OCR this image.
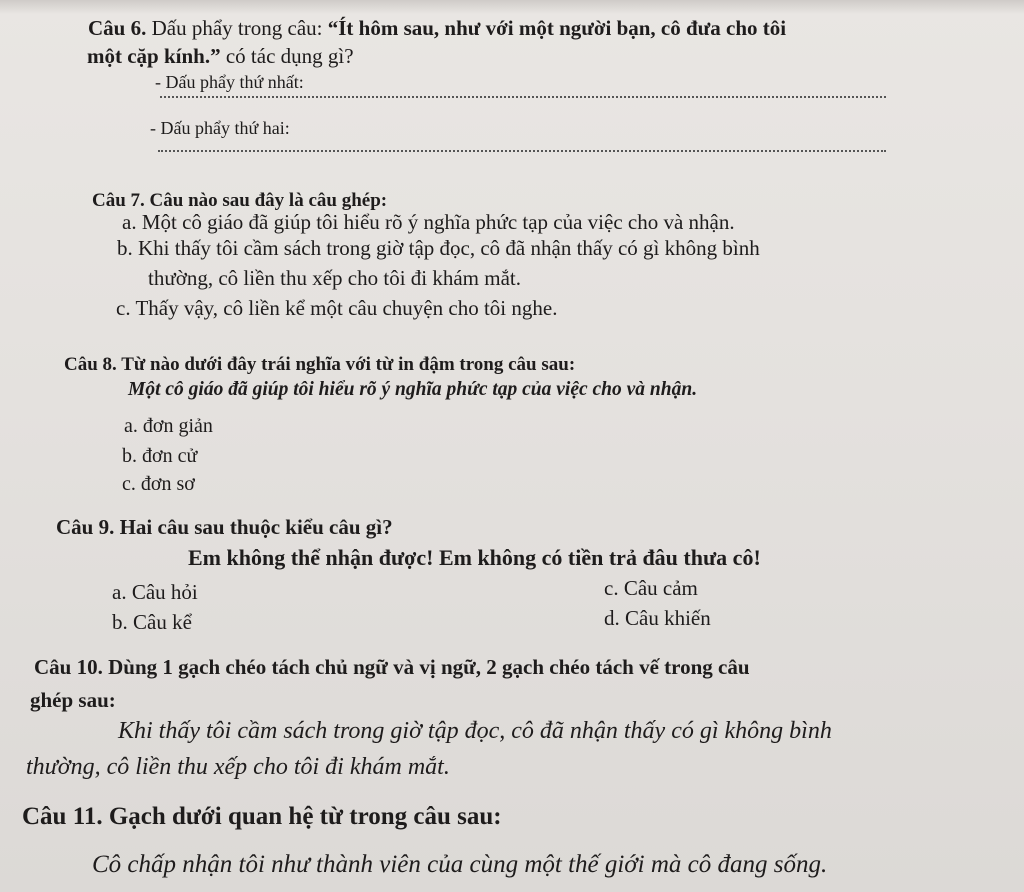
Câu 6. Dấu phẩy trong câu: “Ít hôm sau, như với một người bạn, cô đưa cho tôi
một cặp kính.” có tác dụng gì?
- Dấu phẩy thứ nhất:
- Dấu phẩy thứ hai:
Câu 7. Câu nào sau đây là câu ghép:
a. Một cô giáo đã giúp tôi hiểu rõ ý nghĩa phức tạp của việc cho và nhận.
b. Khi thấy tôi cầm sách trong giờ tập đọc, cô đã nhận thấy có gì không bình
thường, cô liền thu xếp cho tôi đi khám mắt.
c. Thấy vậy, cô liền kể một câu chuyện cho tôi nghe.
Câu 8. Từ nào dưới đây trái nghĩa với từ in đậm trong câu sau:
Một cô giáo đã giúp tôi hiểu rõ ý nghĩa phức tạp của việc cho và nhận.
a. đơn giản
b. đơn cử
c. đơn sơ
Câu 9. Hai câu sau thuộc kiểu câu gì?
Em không thể nhận được! Em không có tiền trả đâu thưa cô!
a. Câu hỏi
b. Câu kể
c. Câu cảm
d. Câu khiến
Câu 10. Dùng 1 gạch chéo tách chủ ngữ và vị ngữ, 2 gạch chéo tách vế trong câu
ghép sau:
Khi thấy tôi cầm sách trong giờ tập đọc, cô đã nhận thấy có gì không bình
thường, cô liền thu xếp cho tôi đi khám mắt.
Câu 11. Gạch dưới quan hệ từ trong câu sau:
Cô chấp nhận tôi như thành viên của cùng một thế giới mà cô đang sống.
